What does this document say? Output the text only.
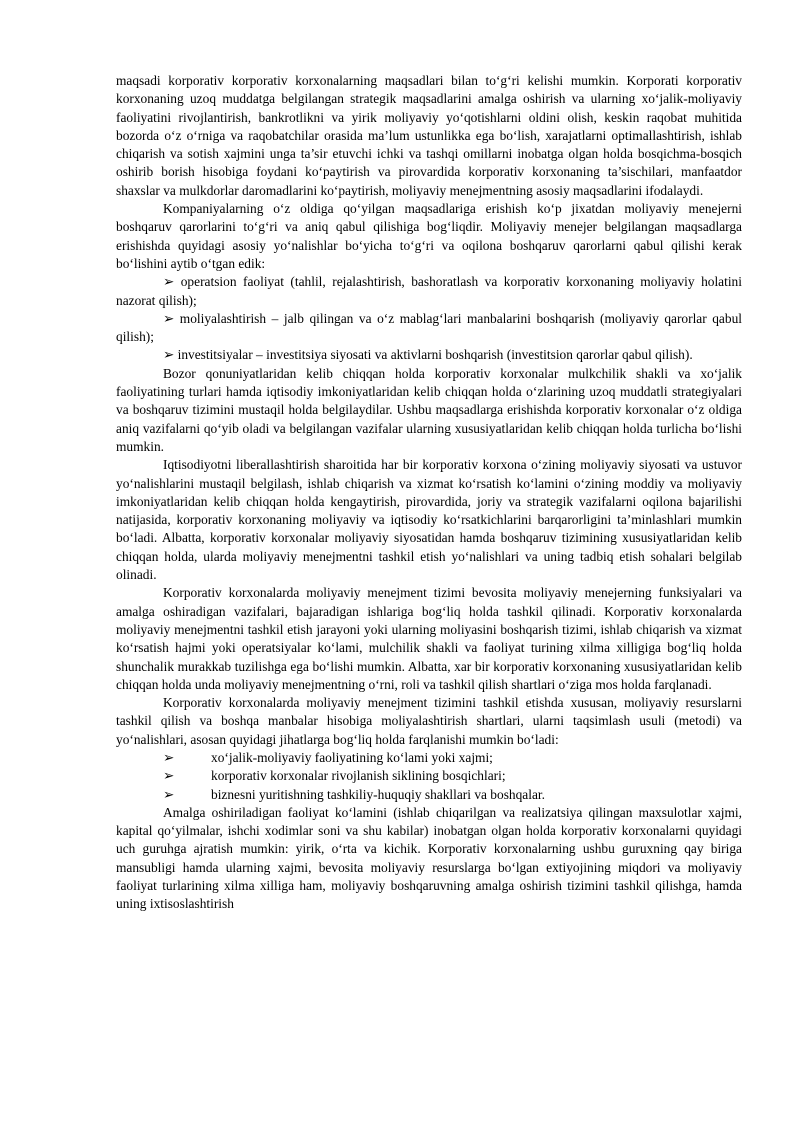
maqsadi korporativ korporativ korxonalarning maqsadlari bilan to‘g‘ri kelishi mumkin. Korporati korporativ korxonaning uzoq muddatga belgilangan strategik maqsadlarini amalga oshirish va ularning xo‘jalik-moliyaviy faoliyatini rivojlantirish, bankrotlikni va yirik moliyaviy yo‘qotishlarni oldini olish, keskin raqobat muhitida bozorda o‘z o‘rniga va raqobatchilar orasida ma’lum ustunlikka ega bo‘lish, xarajatlarni optimallashtirish, ishlab chiqarish va sotish xajmini unga ta’sir etuvchi ichki va tashqi omillarni inobatga olgan holda bosqichma-bosqich oshirib borish hisobiga foydani ko‘paytirish va pirovardida korporativ korxonaning ta’sischilari, manfaatdor shaxslar va mulkdorlar daromadlarini ko‘paytirish, moliyaviy menejmentning asosiy maqsadlarini ifodalaydi.

Kompaniyalarning o‘z oldiga qo‘yilgan maqsadlariga erishish ko‘p jixatdan moliyaviy menejerni boshqaruv qarorlarini to‘g‘ri va aniq qabul qilishiga bog‘liqdir. Moliyaviy menejer belgilangan maqsadlarga erishishda quyidagi asosiy yo‘nalishlar bo‘yicha to‘g‘ri va oqilona boshqaruv qarorlarni qabul qilishi kerak bo‘lishini aytib o‘tgan edik:

➢ operatsion faoliyat (tahlil, rejalashtirish, bashoratlash va korporativ korxonaning moliyaviy holatini nazorat qilish);

➢ moliyalashtirish – jalb qilingan va o‘z mablag‘lari manbalarini boshqarish (moliyaviy qarorlar qabul qilish);

➢ investitsiyalar – investitsiya siyosati va aktivlarni boshqarish (investitsion qarorlar qabul qilish).

Bozor qonuniyatlaridan kelib chiqqan holda korporativ korxonalar mulkchilik shakli va xo‘jalik faoliyatining turlari hamda iqtisodiy imkoniyatlaridan kelib chiqqan holda o‘zlarining uzoq muddatli strategiyalari va boshqaruv tizimini mustaqil holda belgilaydilar. Ushbu maqsadlarga erishishda korporativ korxonalar o‘z oldiga aniq vazifalarni qo‘yib oladi va belgilangan vazifalar ularning xususiyatlaridan kelib chiqqan holda turlicha bo‘lishi mumkin.

Iqtisodiyotni liberallashtirish sharoitida har bir korporativ korxona o‘zining moliyaviy siyosati va ustuvor yo‘nalishlarini mustaqil belgilash, ishlab chiqarish va xizmat ko‘rsatish ko‘lamini o‘zining moddiy va moliyaviy imkoniyatlaridan kelib chiqqan holda kengaytirish, pirovardida, joriy va strategik vazifalarni oqilona bajarilishi natijasida, korporativ korxonaning moliyaviy va iqtisodiy ko‘rsatkichlarini barqarorligini ta’minlashlari mumkin bo‘ladi. Albatta, korporativ korxonalar moliyaviy siyosatidan hamda boshqaruv tizimining xususiyatlaridan kelib chiqqan holda, ularda moliyaviy menejmentni tashkil etish yo‘nalishlari va uning tadbiq etish sohalari belgilab olinadi.

Korporativ korxonalarda moliyaviy menejment tizimi bevosita moliyaviy menejerning funksiyalari va amalga oshiradigan vazifalari, bajaradigan ishlariga bog‘liq holda tashkil qilinadi. Korporativ korxonalarda moliyaviy menejmentni tashkil etish jarayoni yoki ularning moliyasini boshqarish tizimi, ishlab chiqarish va xizmat ko‘rsatish hajmi yoki operatsiyalar ko‘lami, mulchilik shakli va faoliyat turining xilma xilligiga bog‘liq holda shunchalik murakkab tuzilishga ega bo‘lishi mumkin. Albatta, xar bir korporativ korxonaning xususiyatlaridan kelib chiqqan holda unda moliyaviy menejmentning o‘rni, roli va tashkil qilish shartlari o‘ziga mos holda farqlanadi.

Korporativ korxonalarda moliyaviy menejment tizimini tashkil etishda xususan, moliyaviy resurslarni tashkil qilish va boshqa manbalar hisobiga moliyalashtirish shartlari, ularni taqsimlash usuli (metodi) va yo‘nalishlari, asosan quyidagi jihatlarga bog‘liq holda farqlanishi mumkin bo‘ladi:

➢	xo‘jalik-moliyaviy faoliyatining ko‘lami yoki xajmi;

➢	korporativ korxonalar rivojlanish siklining bosqichlari;

➢	biznesni yuritishning tashkiliy-huquqiy shakllari va boshqalar.

Amalga oshiriladigan faoliyat ko‘lamini (ishlab chiqarilgan va realizatsiya qilingan maxsulotlar xajmi, kapital qo‘yilmalar, ishchi xodimlar soni va shu kabilar) inobatgan olgan holda korporativ korxonalarni quyidagi uch guruhga ajratish mumkin: yirik, o‘rta va kichik. Korporativ korxonalarning ushbu guruxning qay biriga mansubligi hamda ularning xajmi, bevosita moliyaviy resurslarga bo‘lgan extiyojining miqdori va moliyaviy faoliyat turlarining xilma xilliga ham, moliyaviy boshqaruvning amalga oshirish tizimini tashkil qilishga, hamda uning ixtisoslashtirish
